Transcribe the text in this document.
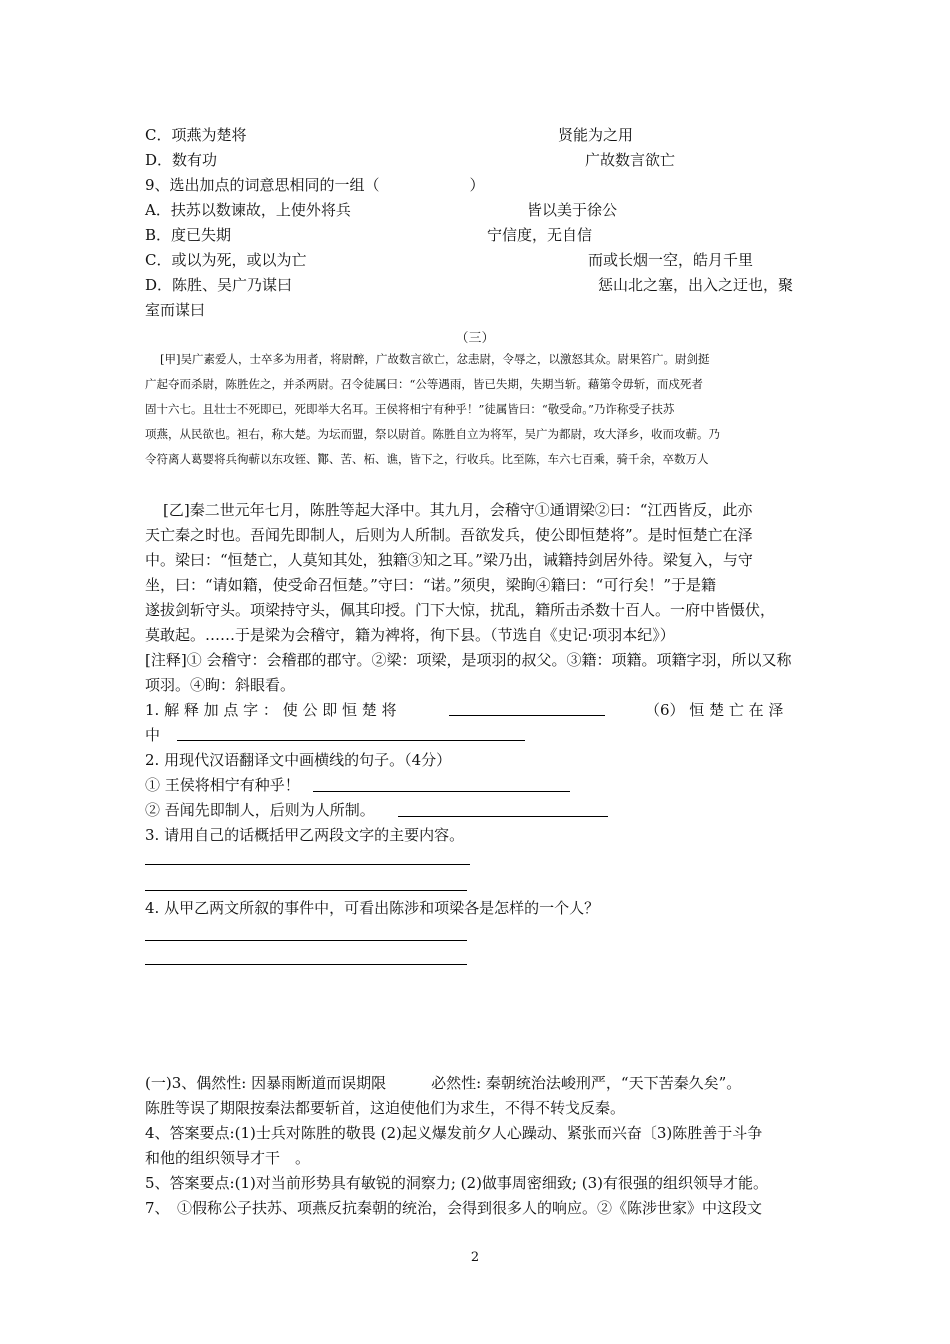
C．项燕为楚将	贤能为之用
D．数有功	广故数言欲亡
9、选出加点的词意思相同的一组（　　　　　　）
A．扶苏以数谏故，上使外将兵	皆以美于徐公
B．度已失期	宁信度，无自信
C．或以为死，或以为亡	而或长烟一空，皓月千里
D．陈胜、吴广乃谋曰	惩山北之塞，出入之迂也，聚
室而谋曰
（三）
[甲]吴广素爱人，士卒多为用者，将尉醉，广故数言欲亡，忿恚尉，令辱之，以激怒其众。尉果笞广。尉剑挺
广起夺而杀尉，陈胜佐之，并杀两尉。召令徒属曰：“公等遇雨，皆已失期，失期当斩。藉第令毋斩，而戍死者
固十六七。且壮士不死即已，死即举大名耳。王侯将相宁有种乎！”徒属皆曰：“敬受命。”乃诈称受子扶苏
项燕，从民欲也。袒右，称大楚。为坛而盟，祭以尉首。陈胜自立为将军，吴广为都尉，攻大泽乡，收而攻蕲。乃
令符离人葛婴将兵徇蕲以东攻铚、酇、苦、柘、谯，皆下之，行收兵。比至陈，车六七百乘，骑千余，卒数万人
[乙]秦二世元年七月，陈胜等起大泽中。其九月，会稽守①通谓梁②曰：“江西皆反，此亦
天亡秦之时也。吾闻先即制人，后则为人所制。吾欲发兵，使公即恒楚将”。是时恒楚亡在泽
中。梁曰：“恒楚亡，人莫知其处，独籍③知之耳。”梁乃出，诫籍持剑居外待。梁复入，与守
坐，曰：“请如籍，使受命召恒楚。”守曰：“诺。”须臾，梁眴④籍曰：“可行矣！”于是籍
遂拔剑斩守头。项梁持守头，佩其印授。门下大惊，扰乱，籍所击杀数十百人。一府中皆慑伏，
莫敢起。……于是梁为会稽守，籍为裨将，徇下县。（节选自《史记·项羽本纪》）
[注释]① 会稽守：会稽郡的郡守。②梁：项梁，是项羽的叔父。③籍：项籍。项籍字羽，所以又称
项羽。④眴：斜眼看。
1. 解 释 加 点 字 ： 使 公 即 恒 楚 将	（6） 恒 楚 亡 在 泽
中
2. 用现代汉语翻译文中画横线的句子。（4分）
① 王侯将相宁有种乎！
② 吾闻先即制人，后则为人所制。
3. 请用自己的话概括甲乙两段文字的主要内容。
4. 从甲乙两文所叙的事件中，可看出陈涉和项梁各是怎样的一个人？
(一)3、偶然性: 因暴雨断道而误期限　　　必然性: 秦朝统治法峻刑严，“天下苦秦久矣”。
陈胜等误了期限按秦法都要斩首，这迫使他们为求生，不得不转戈反秦。
4、答案要点:(1)士兵对陈胜的敬畏 (2)起义爆发前夕人心躁动、紧张而兴奋〔3)陈胜善于斗争
和他的组织领导才干　。
5、答案要点:(1)对当前形势具有敏锐的洞察力; (2)做事周密细致; (3)有很强的组织领导才能。
7、　①假称公子扶苏、项燕反抗秦朝的统治，会得到很多人的响应。②《陈涉世家》中这段文
2
